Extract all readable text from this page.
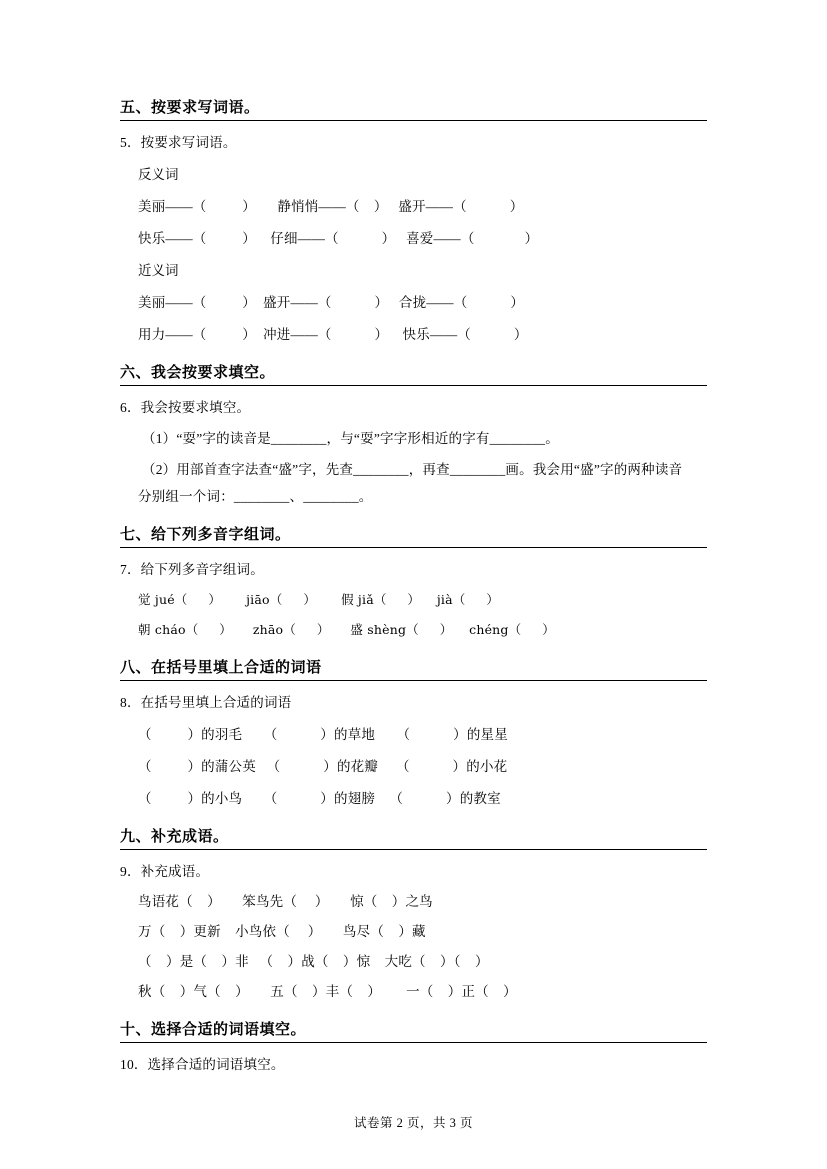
五、按要求写词语。
5．按要求写词语。
反义词
美丽——（          ）      静悄悄——（    ）   盛开——（            ）
快乐——（          ）    仔细——（            ）   喜爱——（              ）
近义词
美丽——（          ）  盛开——（            ）   合拢——（            ）
用力——（          ）  冲进——（            ）    快乐——（            ）
六、我会按要求填空。
6．我会按要求填空。
（1）“耍”字的读音是________，与“耍”字字形相近的字有________。
（2）用部首查字法查“盛”字，先查________，再查________画。我会用“盛”字的两种读音
分别组一个词：________、________。
七、给下列多音字组词。
7．给下列多音字组词。
觉 jué（     ）      jiāo（     ）      假 jiǎ（     ）    jià（     ）
朝 cháo（     ）     zhāo（     ）     盛 shèng（     ）    chéng（     ）
八、在括号里填上合适的词语
8．在括号里填上合适的词语
（          ）的羽毛      （            ）的草地      （            ）的星星
（          ）的蒲公英   （            ）的花瓣     （            ）的小花
（          ）的小鸟      （            ）的翅膀    （            ）的教室
九、补充成语。
9．补充成语。
鸟语花（    ）      笨鸟先（     ）      惊（    ）之鸟
万（    ）更新    小鸟依（     ）      鸟尽（    ）藏
（    ）是（    ）非   （    ）战（    ）惊    大吃（    ）（    ）
秋（    ）气（    ）      五（    ）丰（    ）       一（    ）正（    ）
十、选择合适的词语填空。
10．选择合适的词语填空。
试卷第 2 页，共 3 页
